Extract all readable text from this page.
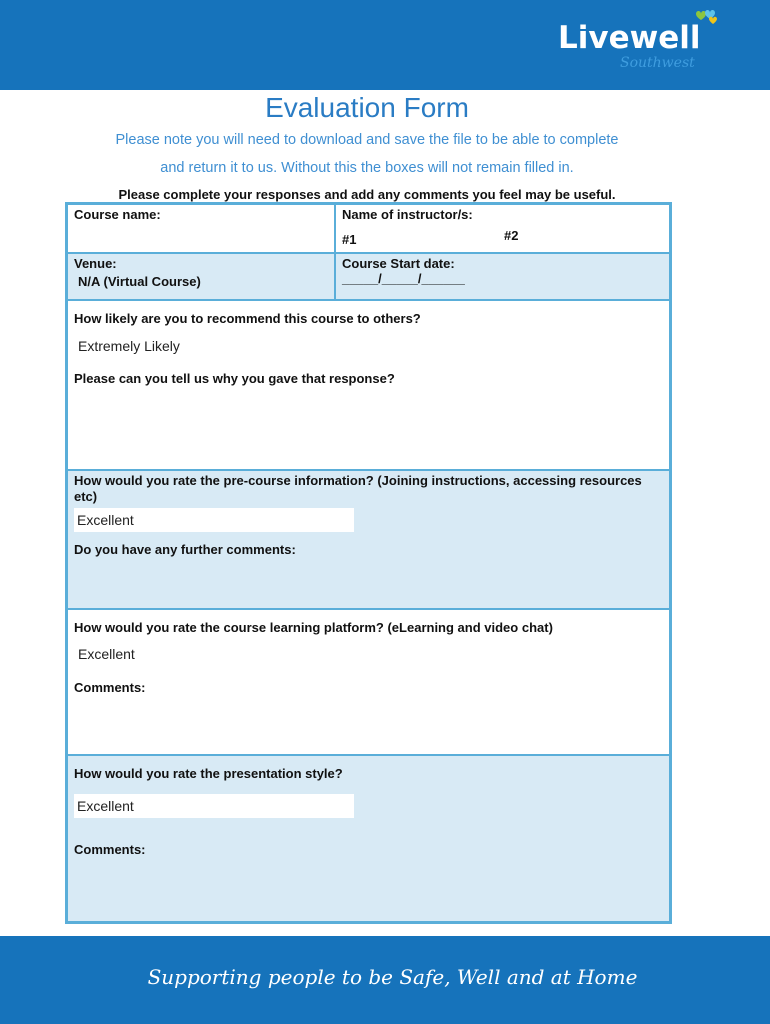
Livewell
Southwest
Evaluation Form
Please note you will need to download and save the file to be able to complete
and return it to us. Without this the boxes will not remain filled in.
Please complete your responses and add any comments you feel may be useful.
Course name:	Name of instructor/s:
#1	#2
Venue:
N/A (Virtual Course)
Course Start date:
_____/_____/______
How likely are you to recommend this course to others?
Extremely Likely
Please can you tell us why you gave that response?
How would you rate the pre-course information? (Joining instructions, accessing resources etc)
Excellent
Do you have any further comments:
How would you rate the course learning platform? (eLearning and video chat)
Excellent
Comments:
How would you rate the presentation style?
Excellent
Comments:
Supporting people to be Safe, Well and at Home
